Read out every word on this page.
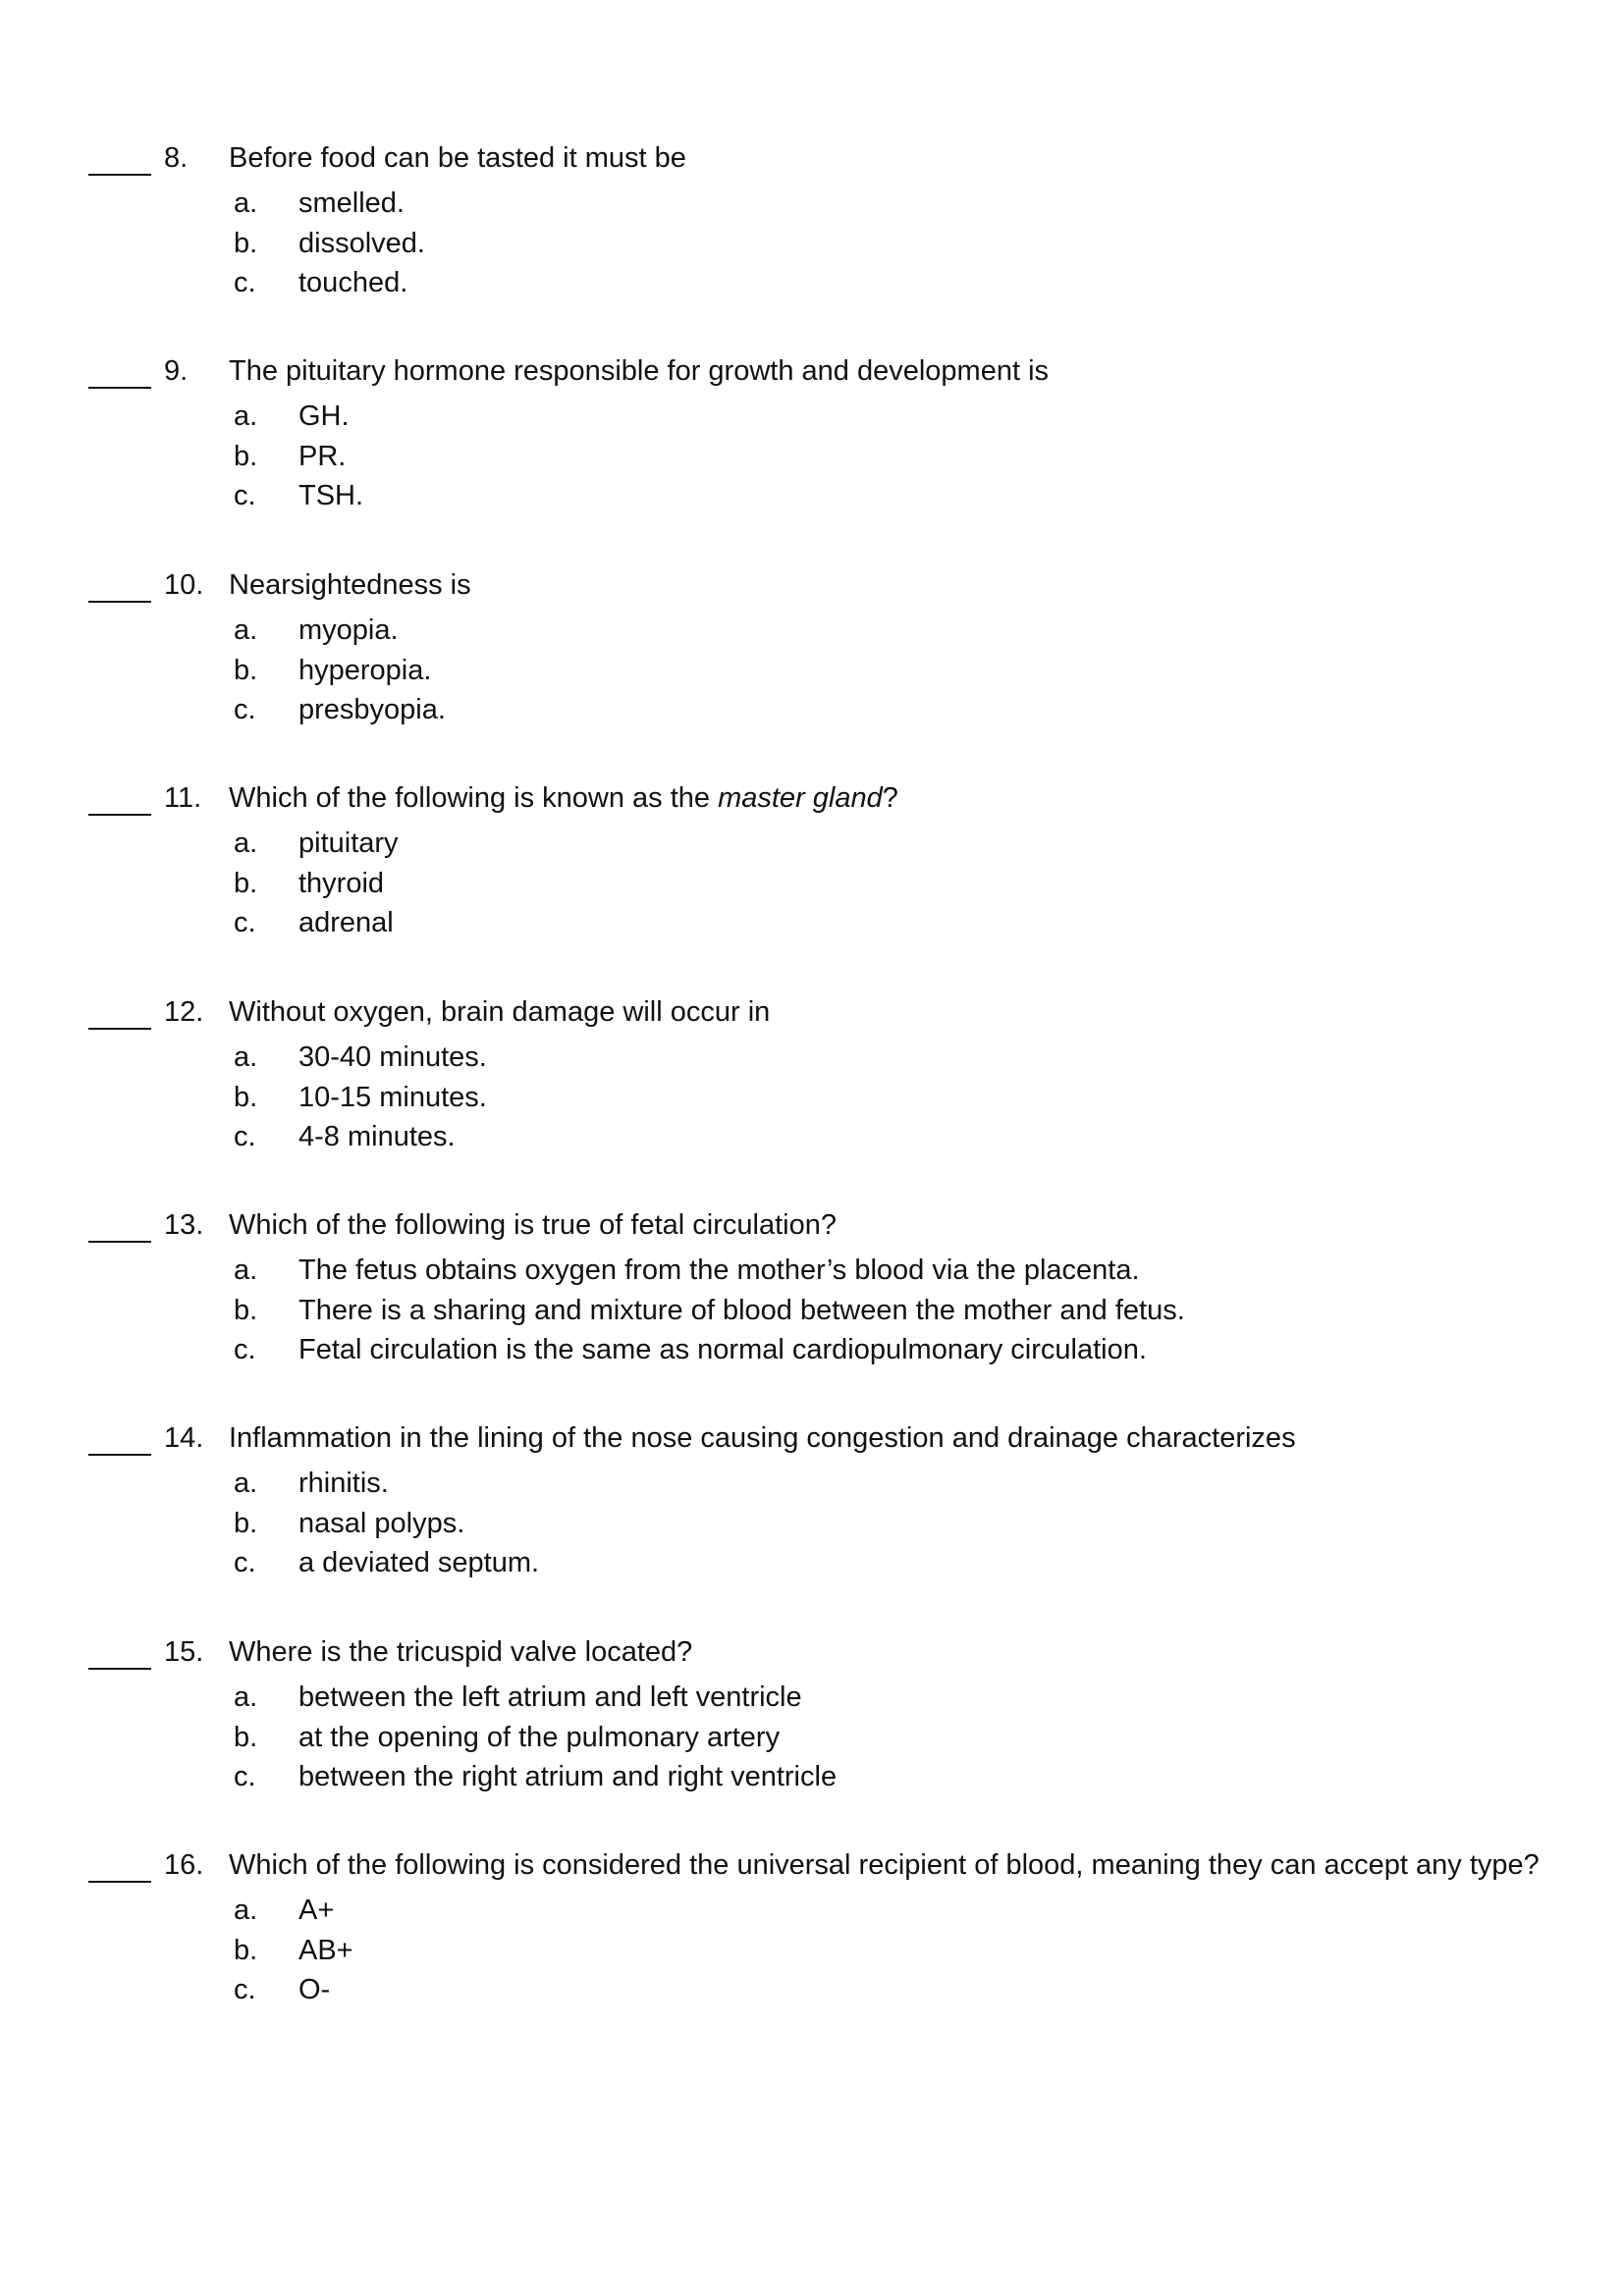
8. Before food can be tasted it must be
a. smelled.
b. dissolved.
c. touched.
9. The pituitary hormone responsible for growth and development is
a. GH.
b. PR.
c. TSH.
10. Nearsightedness is
a. myopia.
b. hyperopia.
c. presbyopia.
11. Which of the following is known as the master gland?
a. pituitary
b. thyroid
c. adrenal
12. Without oxygen, brain damage will occur in
a. 30-40 minutes.
b. 10-15 minutes.
c. 4-8 minutes.
13. Which of the following is true of fetal circulation?
a. The fetus obtains oxygen from the mother’s blood via the placenta.
b. There is a sharing and mixture of blood between the mother and fetus.
c. Fetal circulation is the same as normal cardiopulmonary circulation.
14. Inflammation in the lining of the nose causing congestion and drainage characterizes
a. rhinitis.
b. nasal polyps.
c. a deviated septum.
15. Where is the tricuspid valve located?
a. between the left atrium and left ventricle
b. at the opening of the pulmonary artery
c. between the right atrium and right ventricle
16. Which of the following is considered the universal recipient of blood, meaning they can accept any type?
a. A+
b. AB+
c. O-
